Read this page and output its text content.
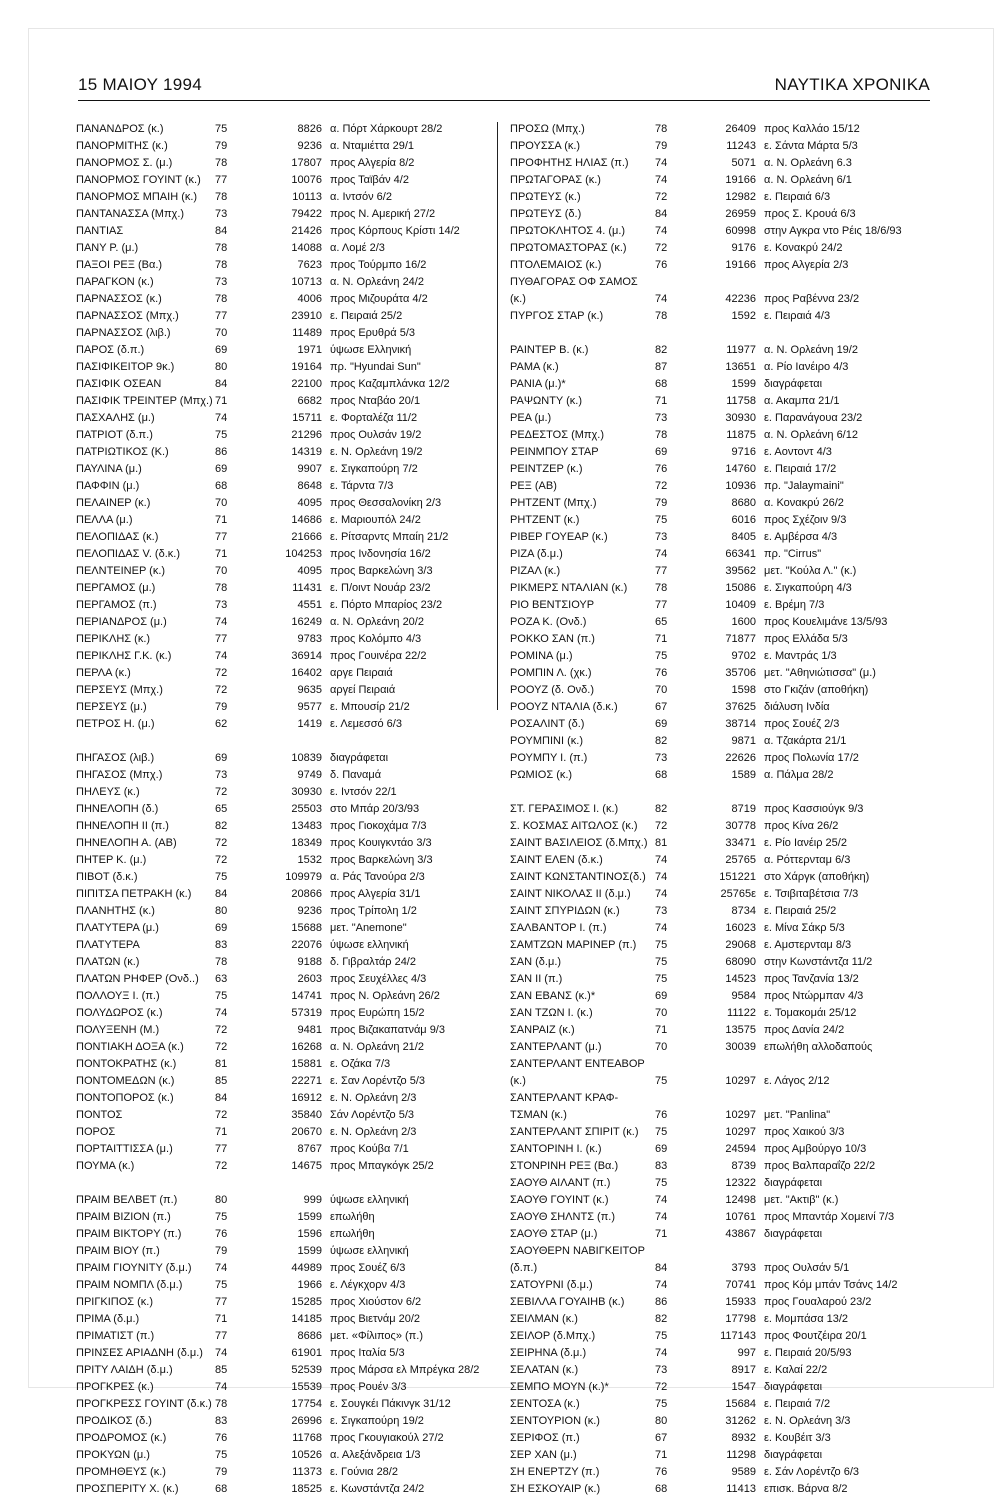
15 ΜΑΙΟΥ 1994	ΝΑΥΤΙΚΑ ΧΡΟΝΙΚΑ
ΠΑΝΑΝΔΡΟΣ (κ.)	75	8826 α. Πόρτ Χάρκουρτ 28/2
ΠΑΝΟΡΜΙΤΗΣ (κ.)	79	9236 α. Νταμιέττα 29/1
ΠΑΝΟΡΜΟΣ Σ. (μ.)	78	17807 προς Αλγερία 8/2
ΠΑΝΟΡΜΟΣ ΓΟΥΙΝΤ (κ.) 77	10076 προς Ταϊβάν 4/2
ΠΑΝΟΡΜΟΣ ΜΠΑΙΗ (κ.) 78	10113 α. Ιντσόν 6/2
ΠΑΝΤΑΝΑΣΣΑ (Μπχ.)	73	79422 προς Ν. Αμερική 27/2
ΠΑΝΤΙΑΣ	84	21426 προς Κόρπους Κρίστι 14/2
ΠΑΝΥ Ρ. (μ.)	78	14088 α. Λομέ 2/3
ΠΑΞΟΙ ΡΕΞ (Βα.)	78	7623 προς Τούρμπο 16/2
ΠΑΡΑΓΚΟΝ (κ.)	73	10713 α. Ν. Ορλεάνη 24/2
ΠΑΡΝΑΣΣΟΣ (κ.)	78	4006 προς Μιζουράτα 4/2
ΠΑΡΝΑΣΣΟΣ (Μπχ.)	77	23910 ε. Πειραιά 25/2
ΠΑΡΝΑΣΣΟΣ (λιβ.)	70	11489 προς Ερυθρά 5/3
ΠΑΡΟΣ (δ.π.)	69	1971 ύψωσε Ελληνική
ΠΑΣΙΦΙΚΕΙΤΟΡ 9κ.)	80	19164 πρ. "Hyundai Sun"
ΠΑΣΙΦΙΚ ΟΣΕΑΝ	84	22100 προς Καζαμπλάνκα 12/2
ΠΑΣΙΦΙΚ ΤΡΕΙΝΤΕΡ (Μπχ.) 71	6682 προς Νταβάο 20/1
ΠΑΣΧΑΛΗΣ (μ.)	74	15711 ε. Φορταλέζα 11/2
ΠΑΤΡΙΟΤ (δ.π.)	75	21296 προς Ουλσάν 19/2
ΠΑΤΡΙΩΤΙΚΟΣ (Κ.)	86	14319 ε. Ν. Ορλεάνη 19/2
ΠΑΥΛΙΝΑ (μ.)	69	9907 ε. Σιγκαπούρη 7/2
ΠΑΦΦΙΝ (μ.)	68	8648 ε. Τάρντα 7/3
ΠΕΛΑΙΝΕΡ (κ.)	70	4095 προς Θεσσαλονίκη 2/3
ΠΕΛΛΑ (μ.)	71	14686 ε. Μαριουπόλ 24/2
ΠΕΛΟΠΙΔΑΣ (κ.)	77	21666 ε. Ρίτσαρντς Μπαίη 21/2
ΠΕΛΟΠΙΔΑΣ V. (δ.κ.)	71	104253 προς Ινδονησία 16/2
ΠΕΛΝΤΕΙΝΕΡ (κ.)	70	4095 προς Βαρκελώνη 3/3
ΠΕΡΓΑΜΟΣ (μ.)	78	11431 ε. Π/οιντ Νουάρ 23/2
ΠΕΡΓΑΜΟΣ (π.)	73	4551 ε. Πόρτο Μπαρίος 23/2
ΠΕΡΙΑΝΔΡΟΣ (μ.)	74	16249 α. Ν. Ορλεάνη 20/2
ΠΕΡΙΚΛΗΣ (κ.)	77	9783 προς Κολόμπο 4/3
ΠΕΡΙΚΛΗΣ Γ.Κ. (κ.)	74	36914 προς Γουινέρα 22/2
ΠΕΡΛΑ (κ.)	72	16402 αργε Πειραιά
ΠΕΡΣΕΥΣ (Μπχ.)	72	9635 αργεί Πειραιά
ΠΕΡΣΕΥΣ (μ.)	79	9577 ε. Μπουσίρ 21/2
ΠΕΤΡΟΣ Η. (μ.)	62	1419 ε. Λεμεσσό 6/3
ΠΗΓΑΣΟΣ (λιβ.)	69	10839 διαγράφεται
ΠΗΓΑΣΟΣ (Μπχ.)	73	9749 δ. Παναμά
ΠΗΛΕΥΣ (κ.)	72	30930 ε. Ιντσόν 22/1
ΠΗΝΕΛΟΠΗ (δ.)	65	25503 στο Μπάρ 20/3/93
ΠΗΝΕΛΟΠΗ ΙΙ (π.)	82	13483 προς Γιοκοχάμα 7/3
ΠΗΝΕΛΟΠΗ Α. (ΑΒ)	72	18349 προς Κουιγκντάο 3/3
ΠΗΤΕΡ Κ. (μ.)	72	1532 προς Βαρκελώνη 3/3
ΠΙΒΟΤ (δ.κ.)	75	109979 α. Ράς Τανούρα 2/3
ΠΙΠΙΤΣΑ ΠΕΤΡΑΚΗ (κ.) 84	20866 προς Αλγερία 31/1
ΠΛΑΝΗΤΗΣ (κ.)	80	9236 προς Τρίπολη 1/2
ΠΛΑΤΥΤΕΡΑ (μ.)	69	15688 μετ. "Anemone"
ΠΛΑΤΥΤΕΡΑ	83	22076 ύψωσε ελληνική
ΠΛΑΤΩΝ (κ.)	78	9188 δ. Γιβραλτάρ 24/2
ΠΛΑΤΩΝ ΡΗΦΕΡ (Ονδ..) 63	2603 προς Σευχέλλες 4/3
ΠΟΛΛΟΥΞ Ι. (π.)	75	14741 προς Ν. Ορλεάνη 26/2
ΠΟΛΥΔΩΡΟΣ (κ.)	74	57319 προς Ευρώπη 15/2
ΠΟΛΥΞΕΝΗ (Μ.)	72	9481 προς Βιζακαπατνάμ 9/3
ΠΟΝΤΙΑΚΗ ΔΟΞΑ (κ.)	72	16268 α. Ν. Ορλεάνη 21/2
ΠΟΝΤΟΚΡΑΤΗΣ (κ.)	81	15881 ε. Οζάκα 7/3
ΠΟΝΤΟΜΕΔΩΝ (κ.)	85	22271 ε. Σαν Λορέντζο 5/3
ΠΟΝΤΟΠΟΡΟΣ (κ.)	84	16912 ε. Ν. Ορλεάνη 2/3
ΠΟΝΤΟΣ	72	35840 Σάν Λορέντζο 5/3
ΠΟΡΟΣ	71	20670 ε. Ν. Ορλεάνη 2/3
ΠΟΡΤΑΙΤΤΙΣΣΑ (μ.)	77	8767 προς Κούβα 7/1
ΠΟΥΜΑ (κ.)	72	14675 προς Μπαγκόγκ 25/2
ΠΡΑΙΜ ΒΕΛΒΕΤ (π.)	80	999 ύψωσε ελληνική
ΠΡΑΙΜ ΒΙΖΙΟΝ (π.)	75	1599 επωλήθη
ΠΡΑΙΜ ΒΙΚΤΟΡΥ (π.)	76	1596 επωλήθη
ΠΡΑΙΜ ΒΙΟΥ (π.)	79	1599 ύψωσε ελληνική
ΠΡΑΙΜ ΓΙΟΥΝΙΤΥ (δ.μ.) 74	44989 προς Σουέζ 6/3
ΠΡΑΙΜ ΝΟΜΠΛ (δ.μ.)	75	1966 ε. Λέγκχορν 4/3
ΠΡΙΓΚΙΠΟΣ (κ.)	77	15285 προς Χιούστον 6/2
ΠΡΙΜΑ (δ.μ.)	71	14185 προς Βιετνάμ 20/2
ΠΡΙΜΑΤΙΣΤ (π.)	77	8686 μετ. «Φίλιπος» (π.)
ΠΡΙΝΣΕΣ ΑΡΙΑΔΝΗ (δ.μ.) 74	61901 προς Ιταλία 5/3
ΠΡΙΤΥ ΛΑΙΔΗ (δ.μ.)	85	52539 προς Μάρσα ελ Μπρέγκα 28/2
ΠΡΟΓΚΡΕΣ (κ.)	74	15539 προς Ρουέν 3/3
ΠΡΟΓΚΡΕΣΣ ΓΟΥΙΝΤ (δ.κ.) 78	17754 ε. Σουγκέι Πάκινγκ 31/12
ΠΡΟΔΙΚΟΣ (δ.)	83	26996 ε. Σιγκαπούρη 19/2
ΠΡΟΔΡΟΜΟΣ (κ.)	76	11768 προς Γκουγιακούλ 27/2
ΠΡΟΚΥΩΝ (μ.)	75	10526 α. Αλεξάνδρεια 1/3
ΠΡΟΜΗΘΕΥΣ (κ.)	79	11373 ε. Γούνια 28/2
ΠΡΟΣΠΕΡΙΤΥ Χ. (κ.)	68	18525 ε. Κωνστάντζα 24/2
ΠΡΟΣΩ (Μπχ.)	78	26409 προς Καλλάο 15/12
ΠΡΟΥΣΣΑ (κ.)	79	11243 ε. Σάντα Μάρτα 5/3
ΠΡΟΦΗΤΗΣ ΗΛΙΑΣ (π.) 74	5071 α. Ν. Ορλεάνη 6.3
ΠΡΩΤΑΓΟΡΑΣ (κ.)	74	19166 α. Ν. Ορλεάνη 6/1
ΠΡΩΤΕΥΣ (κ.)	72	12982 ε. Πειραιά 6/3
ΠΡΩΤΕΥΣ (δ.)	84	26959 προς Σ. Κρουά 6/3
ΠΡΩΤΟΚΛΗΤΟΣ 4. (μ.)	74	60998 στην Αγκρα ντο Ρέις 18/6/93
ΠΡΩΤΟΜΑΣΤΟΡΑΣ (κ.)	72	9176 ε. Κονακρύ 24/2
ΠΤΟΛΕΜΑΙΟΣ (κ.)	76	19166 προς Αλγερία 2/3
ΠΥΘΑΓΟΡΑΣ ΟΦ ΣΑΜΟΣ
(κ.)	74	42236 προς Ραβέννα 23/2
ΠΥΡΓΟΣ ΣΤΑΡ (κ.)	78	1592 ε. Πειραιά 4/3
ΡΑΙΝΤΕΡ Β. (κ.)	82	11977 α. Ν. Ορλεάνη 19/2
ΡΑΜΑ (κ.)	87	13651 α. Ρίο Ιανέιρο 4/3
ΡΑΝΙΑ (μ.)*	68	1599 διαγράφεται
ΡΑΨΩΝΤΥ (κ.)	71	11758 α. Ακαμπα 21/1
ΡΕΑ (μ.)	73	30930 ε. Παρανάγουα 23/2
ΡΕΔΕΣΤΟΣ (Μπχ.)	78	11875 α. Ν. Ορλεάνη 6/12
ΡΕΙΝΜΠΟΥ ΣΤΑΡ	69	9716 ε. Αοντοντ 4/3
ΡΕΙΝΤΖΕΡ (κ.)	76	14760 ε. Πειραιά 17/2
ΡΕΞ (ΑΒ)	72	10936 πρ. "Jalaymaini"
ΡΗΤΖΕΝΤ (Μπχ.)	79	8680 α. Κονακρύ 26/2
ΡΗΤΖΕΝΤ (κ.)	75	6016 προς Σχέζοιν 9/3
ΡΙΒΕΡ ΓΟΥΕΑΡ (κ.)	73	8405 ε. Αμβέρσα 4/3
ΡΙΖΑ (δ.μ.)	74	66341 πρ. "Cirrus"
ΡΙΖΑΛ (κ.)	77	39562 μετ. "Κούλα Λ." (κ.)
ΡΙΚΜΕΡΣ ΝΤΑΛΙΑΝ (κ.)	78	15086 ε. Σιγκαπούρη 4/3
ΡΙΟ ΒΕΝΤΣΙΟΥΡ	77	10409 ε. Βρέμη 7/3
ΡΟΖΑ Κ. (Ονδ.)	65	1600 προς Κουελιμάνε 13/5/93
ΡΟΚΚΟ ΣΑΝ (π.)	71	71877 προς Ελλάδα 5/3
ΡΟΜΙΝΑ (μ.)	75	9702 ε. Μαντράς 1/3
ΡΟΜΠΙΝ Λ. (χκ.)	76	35706 μετ. "Αθηνιώτισσα" (μ.)
ΡΟΟΥΖ (δ. Ονδ.)	70	1598 στο Γκιζάν (αποθήκη)
ΡΟΟΥΖ ΝΤΑΛΙΑ (δ.κ.)	67	37625 διάλυση Ινδία
ΡΟΣΑΛΙΝΤ (δ.)	69	38714 προς Σουέζ 2/3
ΡΟΥΜΠΙΝΙ (κ.)	82	9871 α. Τζακάρτα 21/1
ΡΟΥΜΠΥ Ι. (π.)	73	22626 προς Πολωνία 17/2
ΡΩΜΙΟΣ (κ.)	68	1589 α. Πάλμα 28/2
ΣΤ. ΓΕΡΑΣΙΜΟΣ Ι. (κ.)	82	8719 προς Κασσιούγκ 9/3
Σ. ΚΟΣΜΑΣ ΑΙΤΩΛΟΣ (κ.) 72	30778 προς Κίνα 26/2
ΣΑΙΝΤ ΒΑΣΙΛΕΙΟΣ (δ.Μπχ.) 81	33471 ε. Ρίο Ιανέιρ 25/2
ΣΑΙΝΤ ΕΛΕΝ (δ.κ.)	74	25765 α. Ρόττερνταμ 6/3
ΣΑΙΝΤ ΚΩΝΣΤΑΝΤΙΝΟΣ(δ.) 74	151221 στο Χάργκ (αποθήκη)
ΣΑΙΝΤ ΝΙΚΟΛΑΣ ΙΙ (δ.μ.) 74	25765ε ε. Τσιβιταβέτσια 7/3
ΣΑΙΝΤ ΣΠΥΡΙΔΩΝ (κ.)	73	8734 ε. Πειραιά 25/2
ΣΑΛΒΑΝΤΟΡ Ι. (π.)	74	16023 ε. Μίνα Σάκρ 5/3
ΣΑΜΤΖΩΝ ΜΑΡΙΝΕΡ (π.) 75	29068 ε. Αμστερνταμ 8/3
ΣΑΝ (δ.μ.)	75	68090 στην Κωνστάντζα 11/2
ΣΑΝ ΙΙ (π.)	75	14523 προς Τανζανία 13/2
ΣΑΝ ΕΒΑΝΣ (κ.)*	69	9584 προς Ντώρμπαν 4/3
ΣΑΝ ΤΖΩΝ Ι. (κ.)	70	11122 ε. Τομακομάι 25/12
ΣΑΝΡΑΙΖ (κ.)	71	13575 προς Δανία 24/2
ΣΑΝΤΕΡΛΑΝΤ (μ.)	70	30039 επωλήθη αλλοδαπούς
ΣΑΝΤΕΡΛΑΝΤ ΕΝΤΕΑΒΟΡ
(κ.)	75	10297 ε. Λάγος 2/12
ΣΑΝΤΕΡΛΑΝΤ ΚΡΑΦ-
ΤΣΜΑΝ (κ.)	76	10297 μετ. "Panlina"
ΣΑΝΤΕΡΛΑΝΤ ΣΠΙΡΙΤ (κ.) 75	10297 προς Χαικού 3/3
ΣΑΝΤΟΡΙΝΗ Ι. (κ.)	69	24594 προς Αμβούργο 10/3
ΣΤΟΝΡΙΝΗ ΡΕΞ (Βα.)	83	8739 προς Βαλπαραΐζο 22/2
ΣΑΟΥΘ ΑΙΛΑΝΤ (π.)	75	12322 διαγράφεται
ΣΑΟΥΘ ΓΟΥΙΝΤ (κ.)	74	12498 μετ. "Ακτιβ" (κ.)
ΣΑΟΥΘ ΣΗΛΝΤΣ (π.)	74	10761 προς Μπαντάρ Χομεινί 7/3
ΣΑΟΥΘ ΣΤΑΡ (μ.)	71	43867 διαγράφεται
ΣΑΟΥΘΕΡΝ ΝΑΒΙΓΚΕΙΤΟΡ
(δ.π.)	84	3793 προς Ουλσάν 5/1
ΣΑΤΟΥΡΝΙ (δ.μ.)	74	70741 προς Κόμ μπάν Τσάνς 14/2
ΣΕΒΙΛΛΑ ΓΟΥΑΙΗΒ (κ.)	86	15933 προς Γουαλαρού 23/2
ΣΕΙΛΜΑΝ (κ.)	82	17798 ε. Μομπάσα 13/2
ΣΕΙΛΟΡ (δ.Μπχ.)	75	117143 προς Φουτζέιρα 20/1
ΣΕΙΡΗΝΑ (δ.μ.)	74	997 ε. Πειραιά 20/5/93
ΣΕΛΑΤΑΝ (κ.)	73	8917 ε. Καλαί 22/2
ΣΕΜΠΟ ΜΟΥΝ (κ.)*	72	1547 διαγράφεται
ΣΕΝΤΟΣΑ (κ.)	75	15684 ε. Πειραιά 7/2
ΣΕΝΤΟΥΡΙΟΝ (κ.)	80	31262 ε. Ν. Ορλεάνη 3/3
ΣΕΡΙΦΟΣ (π.)	67	8932 ε. Κουβέιτ 3/3
ΣΕΡ ΧΑΝ (μ.)	71	11298 διαγράφεται
ΣΗ ΕΝΕΡΤΖΥ (π.)	76	9589 ε. Σάν Λορέντζο 6/3
ΣΗ ΕΣΚΟΥΑΙΡ (κ.)	68	11413 επισκ. Βάρνα 8/2
